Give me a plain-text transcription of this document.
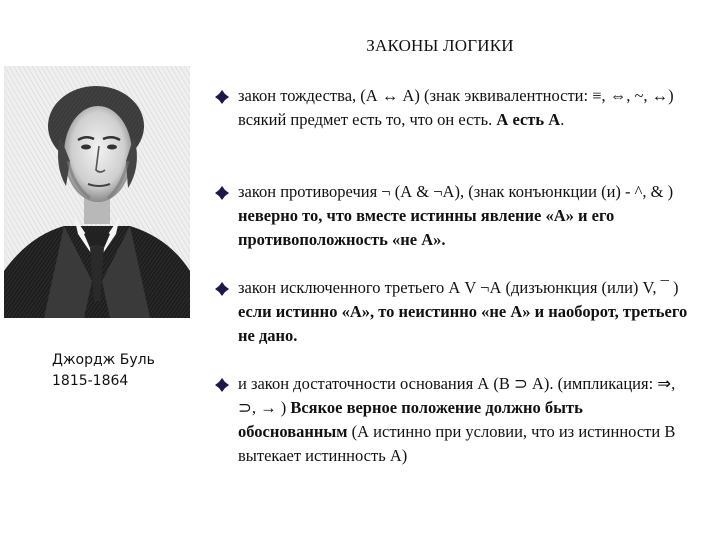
ЗАКОНЫ ЛОГИКИ
Джордж Буль
1815-1864
закон тождества, (А ↔ А) (знак эквивалентности: ≡, ⇔, ~, ↔) всякий предмет есть то, что он есть. А есть А.
закон противоречия ¬ (А & ¬А), (знак конъюнкции (и) - ^, & ) неверно то, что вместе истинны явление «А» и его противоположность «не А».
закон исключенного третьего А V ¬А (дизъюнкция (или) V, ¯ ) если истинно «А», то неистинно «не А» и наоборот, третьего не дано.
и закон достаточности основания А (В ⊃ А). (импликация: ⇒, ⊃, → ) Всякое верное положение должно быть обоснованным (А истинно при условии, что из истинности В вытекает истинность А)
